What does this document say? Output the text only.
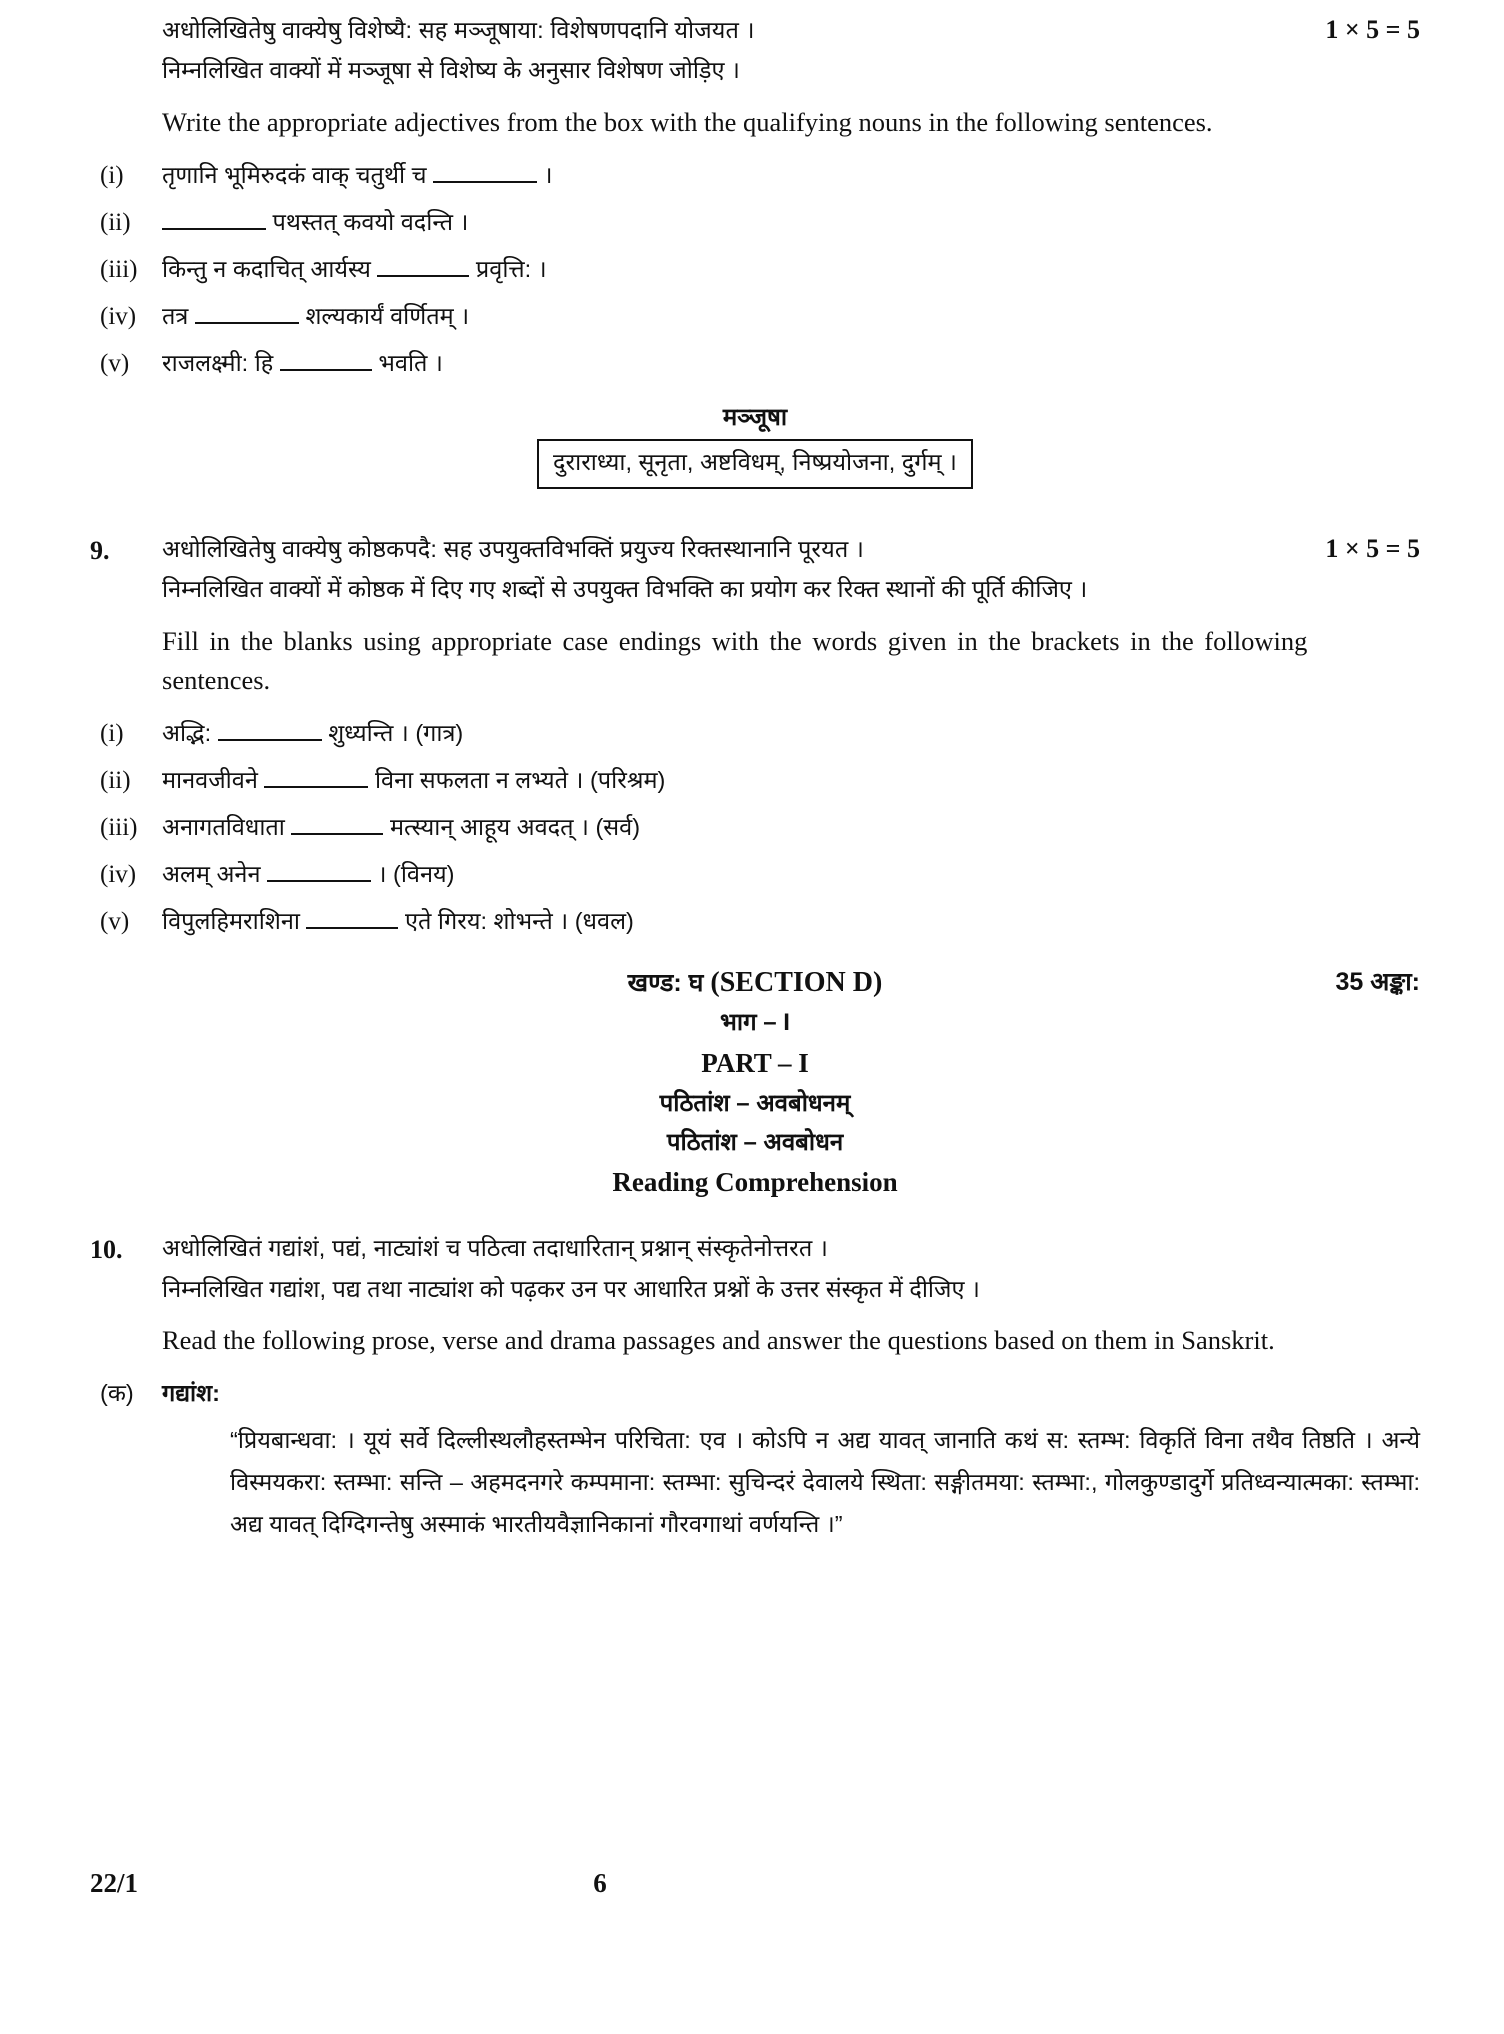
अधोलिखितेषु वाक्येषु विशेष्यै: सह मञ्जूषाया: विशेषणपदानि योजयत ।
निम्नलिखित वाक्यों में मञ्जूषा से विशेष्य के अनुसार विशेषण जोड़िए ।
Write the appropriate adjectives from the box with the qualifying nouns in the following sentences.
1 × 5 = 5
(i)	तृणानि भूमिरुदकं वाक् चतुर्थी च	।
(ii)	पथस्तत् कवयो वदन्ति ।
(iii)	किन्तु न कदाचित् आर्यस्य	प्रवृत्ति: ।
(iv)	तत्र	शल्यकार्यं वर्णितम् ।
(v)	राजलक्ष्मी: हि	भवति ।
मञ्जूषा
दुराराध्या, सूनृता, अष्टविधम्, निष्प्रयोजना, दुर्गम् ।
9.	अधोलिखितेषु वाक्येषु कोष्ठकपदै: सह उपयुक्तविभक्तिं प्रयुज्य रिक्तस्थानानि पूरयत ।
निम्नलिखित वाक्यों में कोष्ठक में दिए गए शब्दों से उपयुक्त विभक्ति का प्रयोग कर रिक्त स्थानों की पूर्ति कीजिए ।
Fill in the blanks using appropriate case endings with the words given in the brackets in the following sentences.
1 × 5 = 5
(i)	अद्भि:	शुध्यन्ति । (गात्र)
(ii)	मानवजीवने	विना सफलता न लभ्यते । (परिश्रम)
(iii)	अनागतविधाता	मत्स्यान् आहूय अवदत् । (सर्व)
(iv)	अलम् अनेन	। (विनय)
(v)	विपुलहिमराशिना	एते गिरय: शोभन्ते । (धवल)
खण्ड: घ (SECTION D)	35 अङ्का:
भाग – I
PART – I
पठितांश – अवबोधनम्
पठितांश – अवबोधन
Reading Comprehension
10.	अधोलिखितं गद्यांशं, पद्यं, नाट्यांशं च पठित्वा तदाधारितान् प्रश्नान् संस्कृतेनोत्तरत ।
निम्नलिखित गद्यांश, पद्य तथा नाट्यांश को पढ़कर उन पर आधारित प्रश्नों के उत्तर संस्कृत में दीजिए ।
Read the following prose, verse and drama passages and answer the questions based on them in Sanskrit.
(क)	गद्यांश:
“प्रियबान्धवा: । यूयं सर्वे दिल्लीस्थलौहस्तम्भेन परिचिता: एव । कोऽपि न अद्य यावत् जानाति कथं स: स्तम्भ: विकृतिं विना तथैव तिष्ठति । अन्ये विस्मयकरा: स्तम्भा: सन्ति – अहमदनगरे कम्पमाना: स्तम्भा: सुचिन्दरं देवालये स्थिता: सङ्गीतमया: स्तम्भा:, गोलकुण्डादुर्गे प्रतिध्वन्यात्मका: स्तम्भा: अद्य यावत् दिग्दिगन्तेषु अस्माकं भारतीयवैज्ञानिकानां गौरवगाथां वर्णयन्ति ।”
22/1	6
